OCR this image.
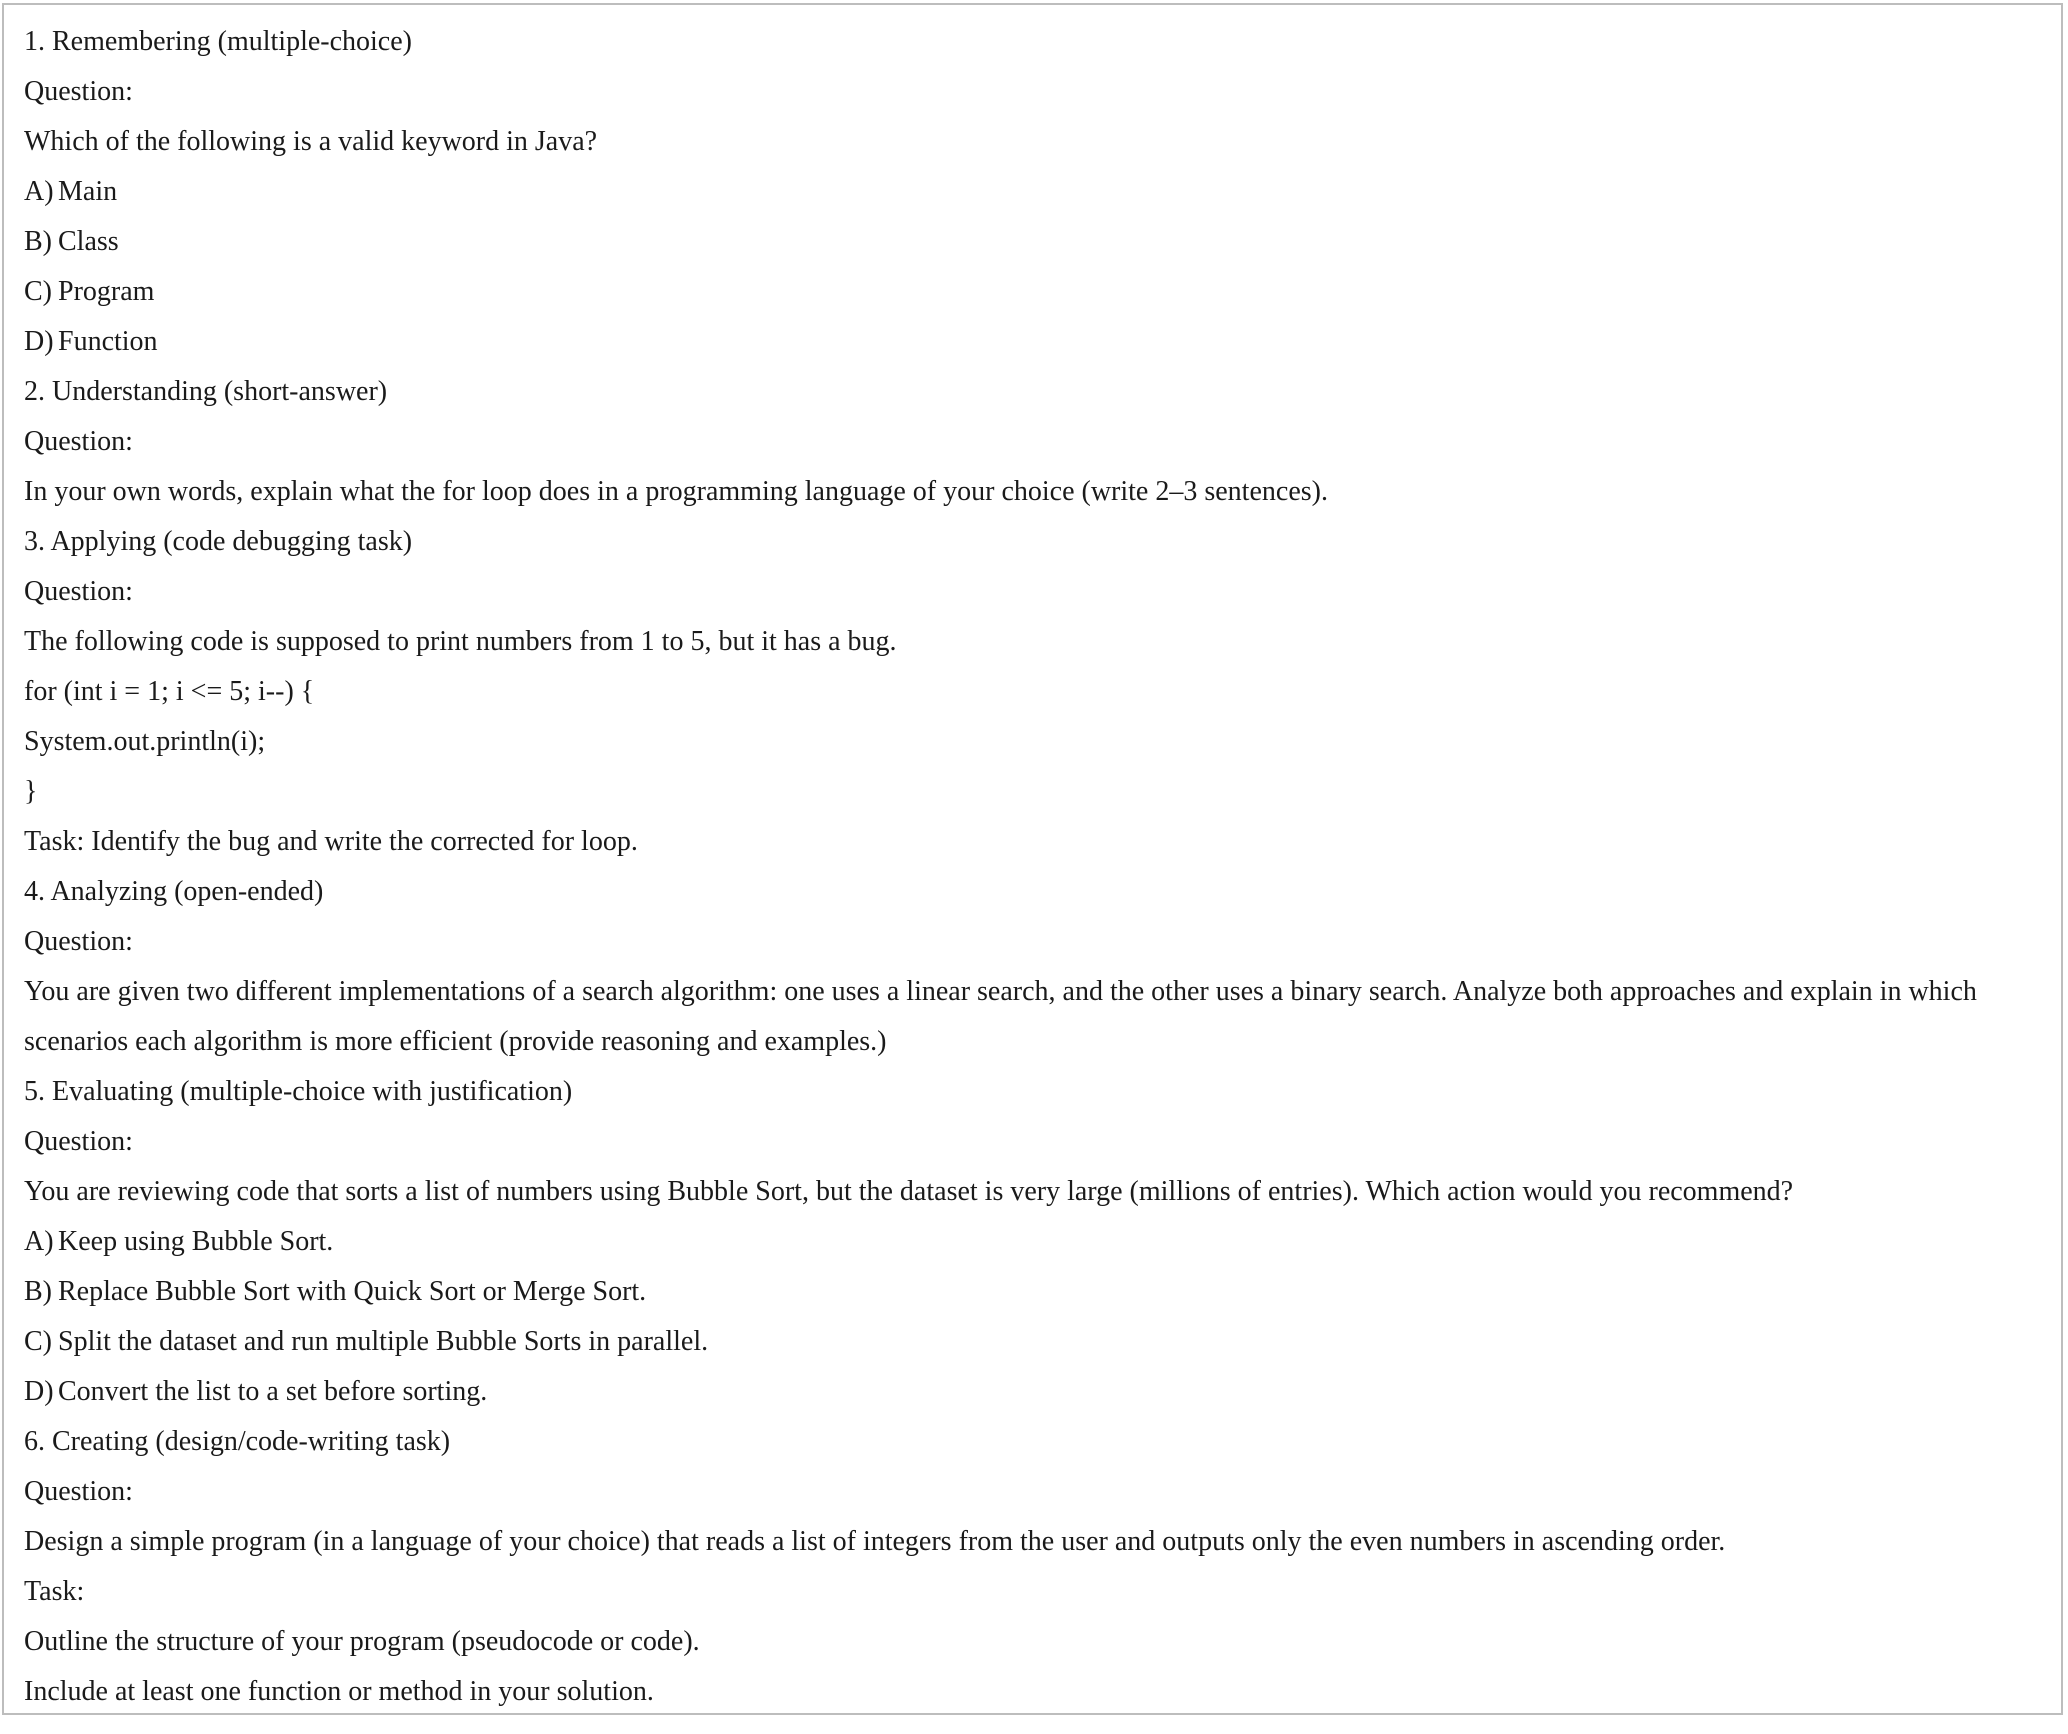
1. Remembering (multiple-choice)
Question:
Which of the following is a valid keyword in Java?
A) Main
B) Class
C) Program
D) Function
2. Understanding (short-answer)
Question:
In your own words, explain what the for loop does in a programming language of your choice (write 2–3 sentences).
3. Applying (code debugging task)
Question:
The following code is supposed to print numbers from 1 to 5, but it has a bug.
for (int i = 1; i <= 5; i--) {
System.out.println(i);
}
Task: Identify the bug and write the corrected for loop.
4. Analyzing (open-ended)
Question:
You are given two different implementations of a search algorithm: one uses a linear search, and the other uses a binary search. Analyze both approaches and explain in which
scenarios each algorithm is more efficient (provide reasoning and examples.)
5. Evaluating (multiple-choice with justification)
Question:
You are reviewing code that sorts a list of numbers using Bubble Sort, but the dataset is very large (millions of entries). Which action would you recommend?
A) Keep using Bubble Sort.
B) Replace Bubble Sort with Quick Sort or Merge Sort.
C) Split the dataset and run multiple Bubble Sorts in parallel.
D) Convert the list to a set before sorting.
6. Creating (design/code-writing task)
Question:
Design a simple program (in a language of your choice) that reads a list of integers from the user and outputs only the even numbers in ascending order.
Task:
Outline the structure of your program (pseudocode or code).
Include at least one function or method in your solution.
